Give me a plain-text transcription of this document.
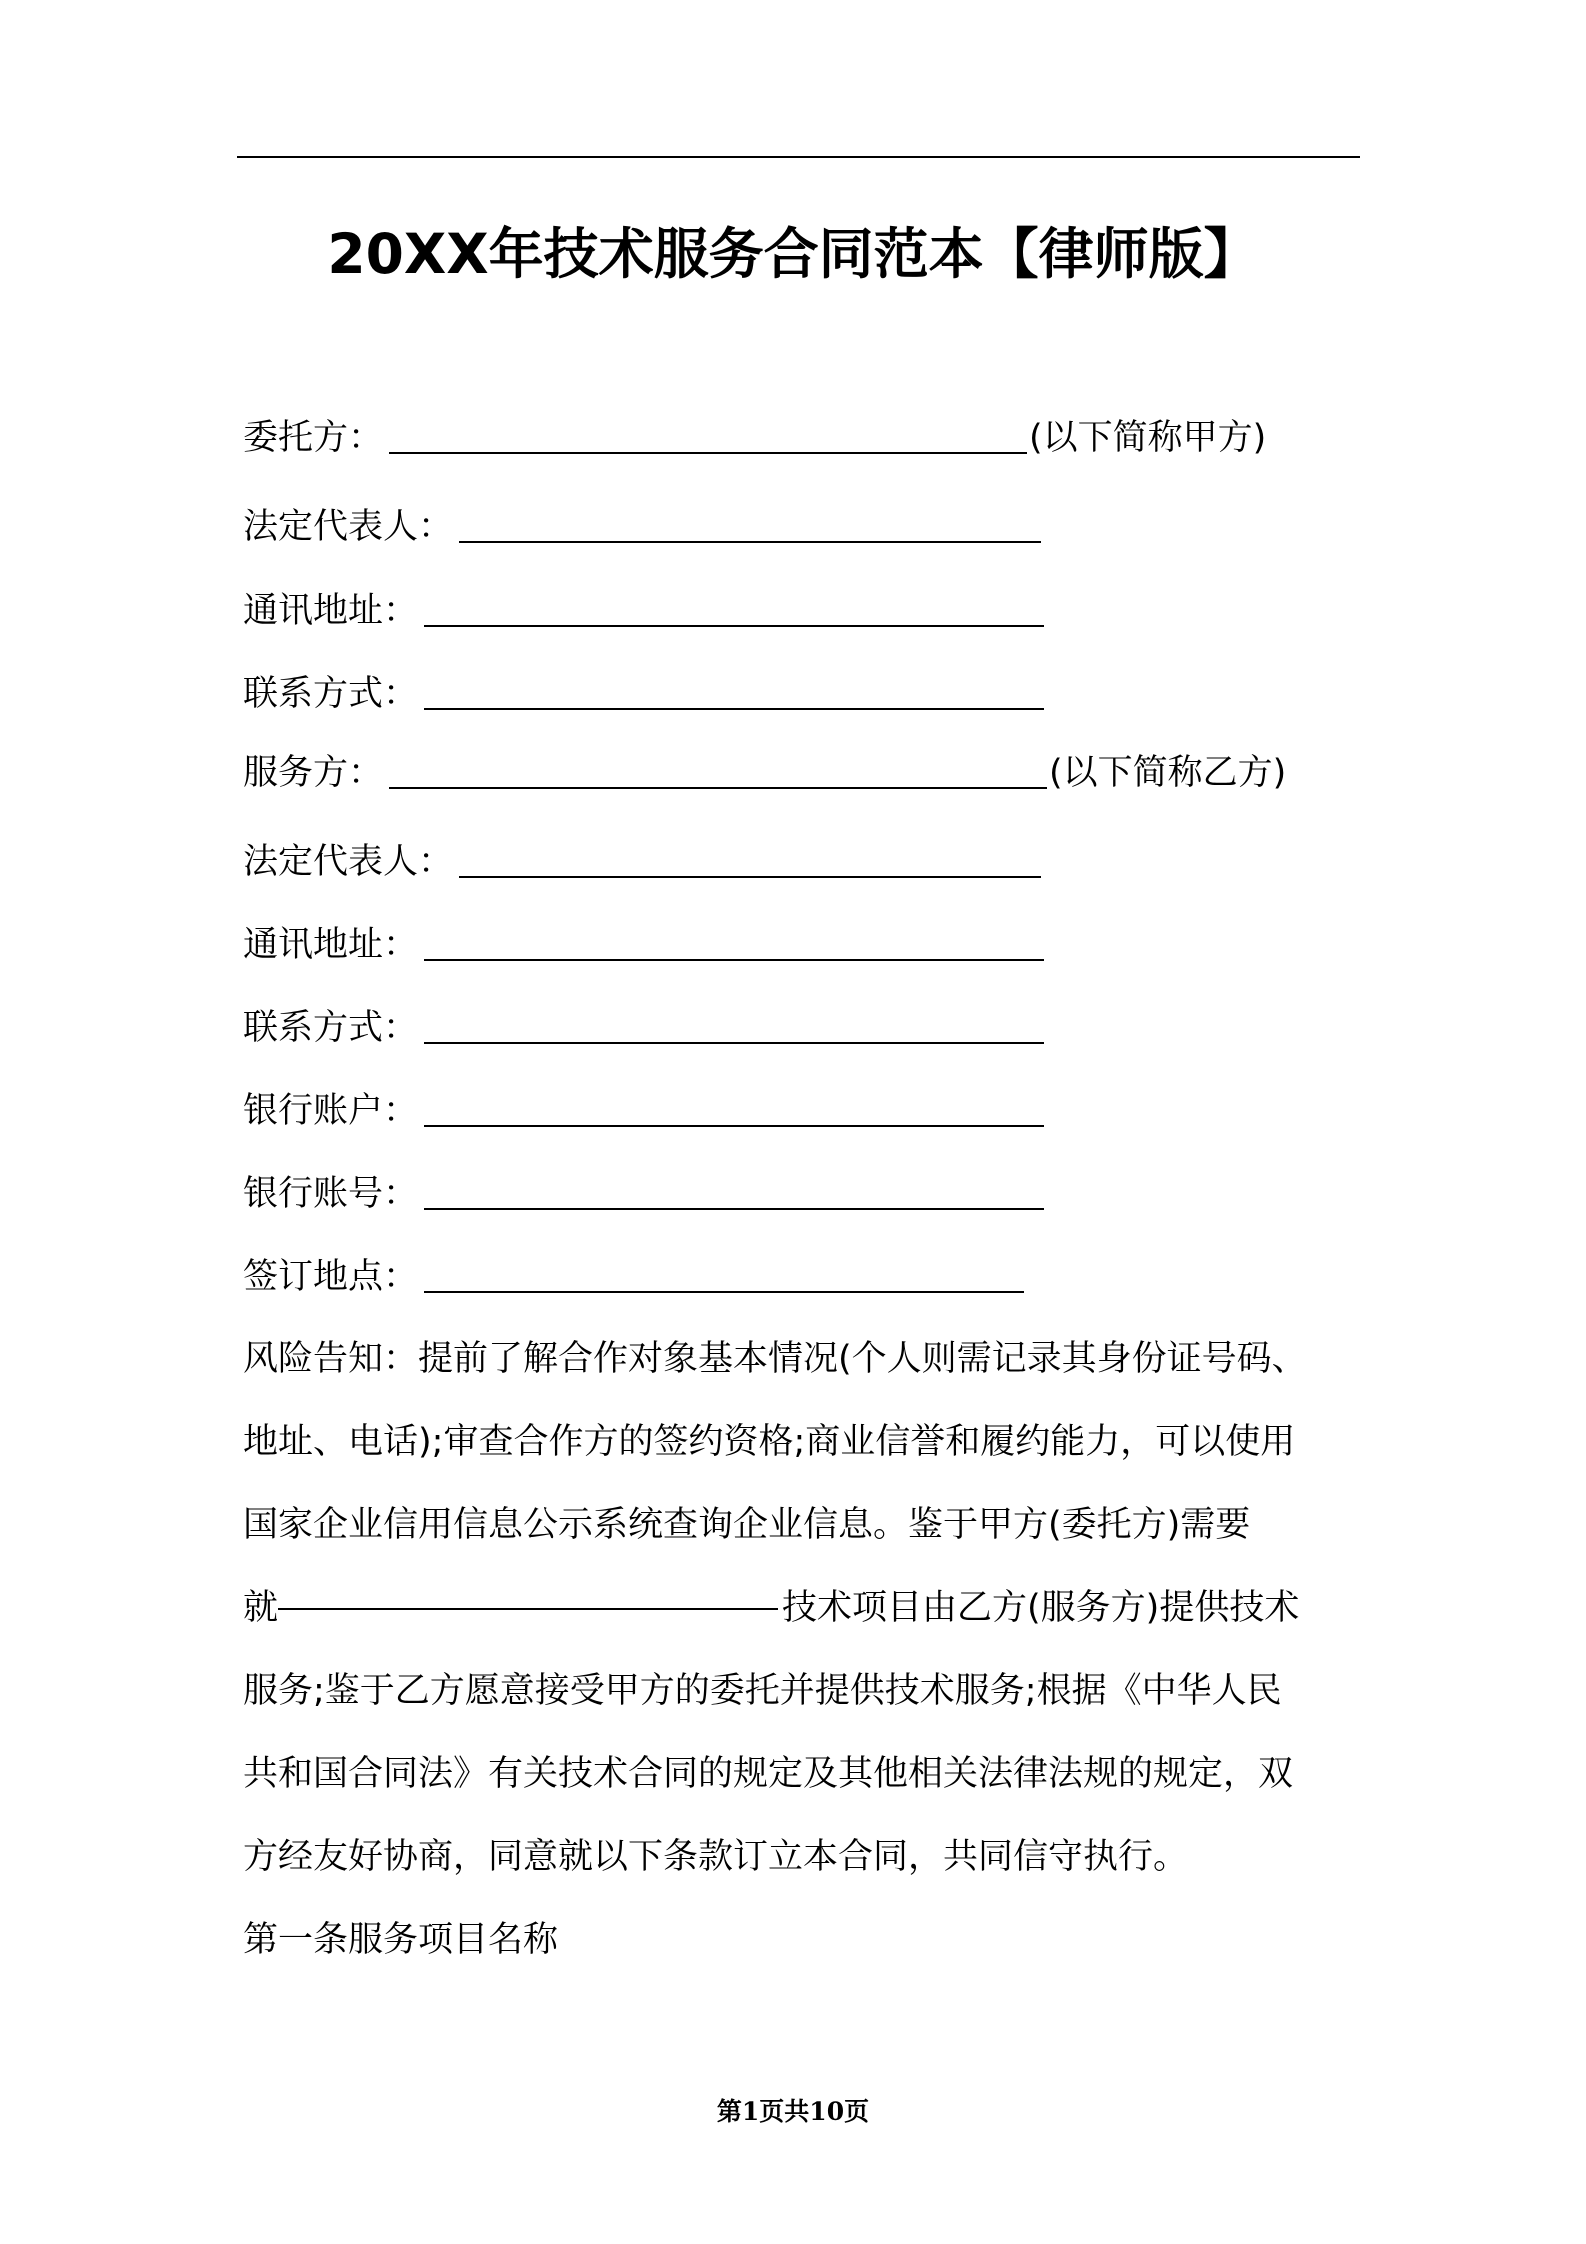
20XX年技术服务合同范本【律师版】
委托方：	(以下简称甲方)
法定代表人：
通讯地址：
联系方式：
服务方：	(以下简称乙方)
法定代表人：
通讯地址：
联系方式：
银行账户：
银行账号：
签订地点：
风险告知：提前了解合作对象基本情况(个人则需记录其身份证号码、
地址、电话);审查合作方的签约资格;商业信誉和履约能力，可以使用
国家企业信用信息公示系统查询企业信息。鉴于甲方(委托方)需要
就	技术项目由乙方(服务方)提供技术
服务;鉴于乙方愿意接受甲方的委托并提供技术服务;根据《中华人民
共和国合同法》有关技术合同的规定及其他相关法律法规的规定，双
方经友好协商，同意就以下条款订立本合同，共同信守执行。
第一条服务项目名称
第1页共10页
